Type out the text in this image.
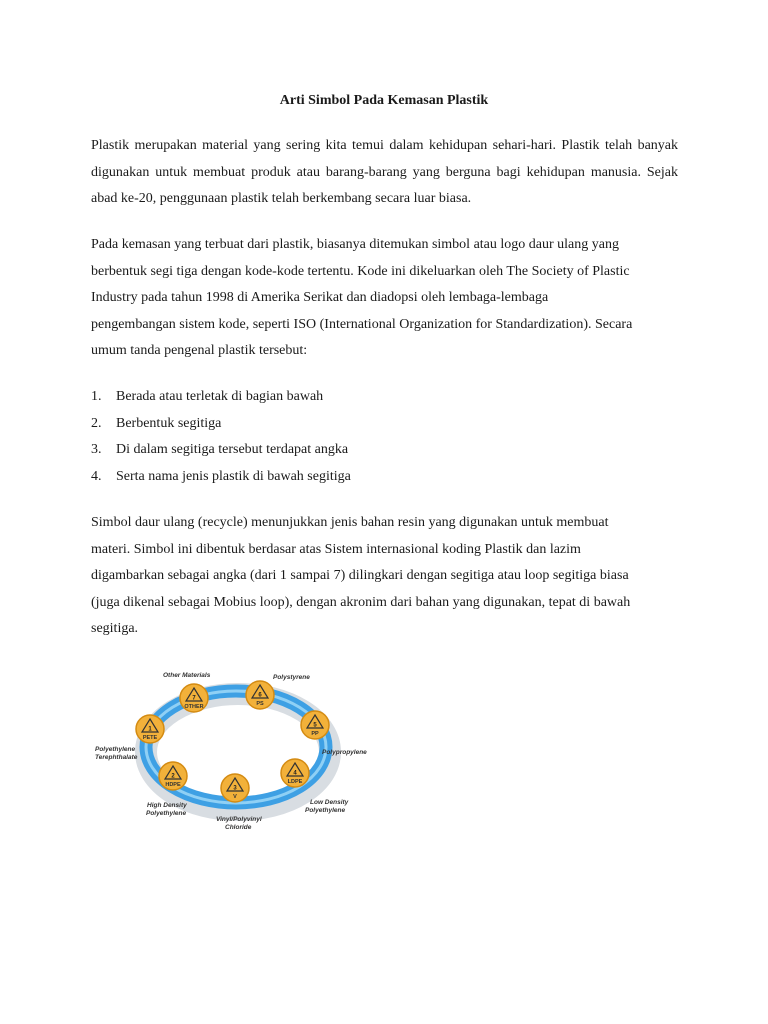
Arti Simbol Pada Kemasan Plastik

Plastik merupakan material yang sering kita temui dalam kehidupan sehari-hari. Plastik telah banyak digunakan untuk membuat produk atau barang-barang yang berguna bagi kehidupan manusia. Sejak abad ke-20, penggunaan plastik telah berkembang secara luar biasa.

Pada kemasan yang terbuat dari plastik, biasanya ditemukan simbol atau logo daur ulang yang
berbentuk segi tiga dengan kode-kode tertentu. Kode ini dikeluarkan oleh The Society of Plastic
Industry pada tahun 1998 di Amerika Serikat dan diadopsi oleh lembaga-lembaga
pengembangan sistem kode, seperti ISO (International Organization for Standardization). Secara
umum tanda pengenal plastik tersebut:

1.	Berada atau terletak di bagian bawah
2.	Berbentuk segitiga
3.	Di dalam segitiga tersebut terdapat angka
4.	Serta nama jenis plastik di bawah segitiga

Simbol daur ulang (recycle) menunjukkan jenis bahan resin yang digunakan untuk membuat
materi. Simbol ini dibentuk berdasar atas Sistem internasional koding Plastik dan lazim
digambarkan sebagai angka (dari 1 sampai 7) dilingkari dengan segitiga atau loop segitiga biasa
(juga dikenal sebagai Mobius loop), dengan akronim dari bahan yang digunakan, tepat di bawah
segitiga.

7
OTHER
6
PS
5
PP
4
LDPE
3
V
2
HDPE
1
PETE
Other Materials	Polystyrene
Polypropylene
Low Density
Polyethylene
Vinyl/Polyvinyl
Chloride
High Density
Polyethylene
Polyethylene
Terephthalate
